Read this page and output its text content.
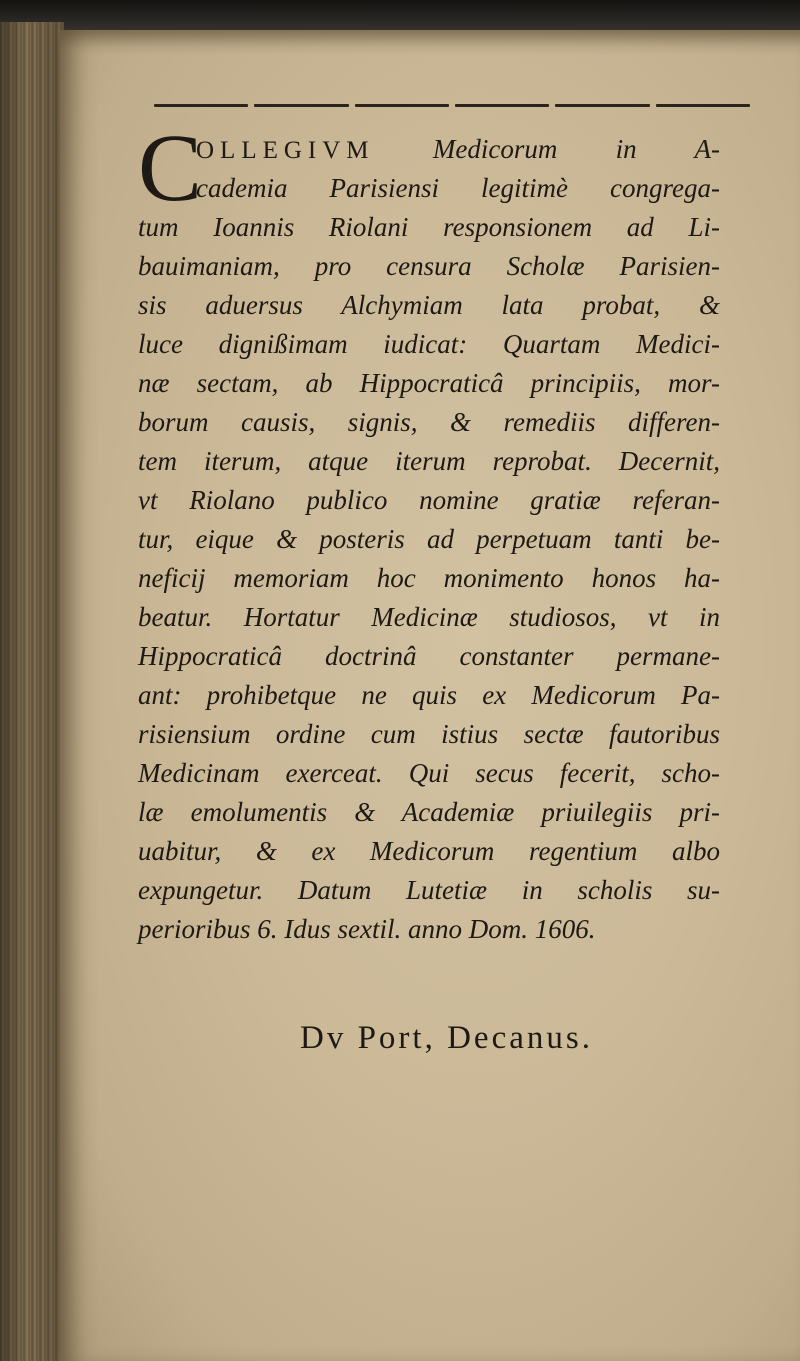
C
OLLEGIVM Medicorum in A-
cademia Parisiensi legitimè congrega-
tum Ioannis Riolani responsionem ad Li-
bauimaniam, pro censura Scholæ Parisien-
sis aduersus Alchymiam lata probat, &
luce dignißimam iudicat: Quartam Medici-
næ sectam, ab Hippocraticâ principiis, mor-
borum causis, signis, & remediis differen-
tem iterum, atque iterum reprobat. Decernit,
vt Riolano publico nomine gratiæ referan-
tur, eique & posteris ad perpetuam tanti be-
neficij memoriam hoc monimento honos ha-
beatur. Hortatur Medicinæ studiosos, vt in
Hippocraticâ doctrinâ constanter permane-
ant: prohibetque ne quis ex Medicorum Pa-
risiensium ordine cum istius sectæ fautoribus
Medicinam exerceat. Qui secus fecerit, scho-
læ emolumentis & Academiæ priuilegiis pri-
uabitur, & ex Medicorum regentium albo
expungetur. Datum Lutetiæ in scholis su-
perioribus 6. Idus sextil. anno Dom. 1606.
Dv Port, Decanus.
